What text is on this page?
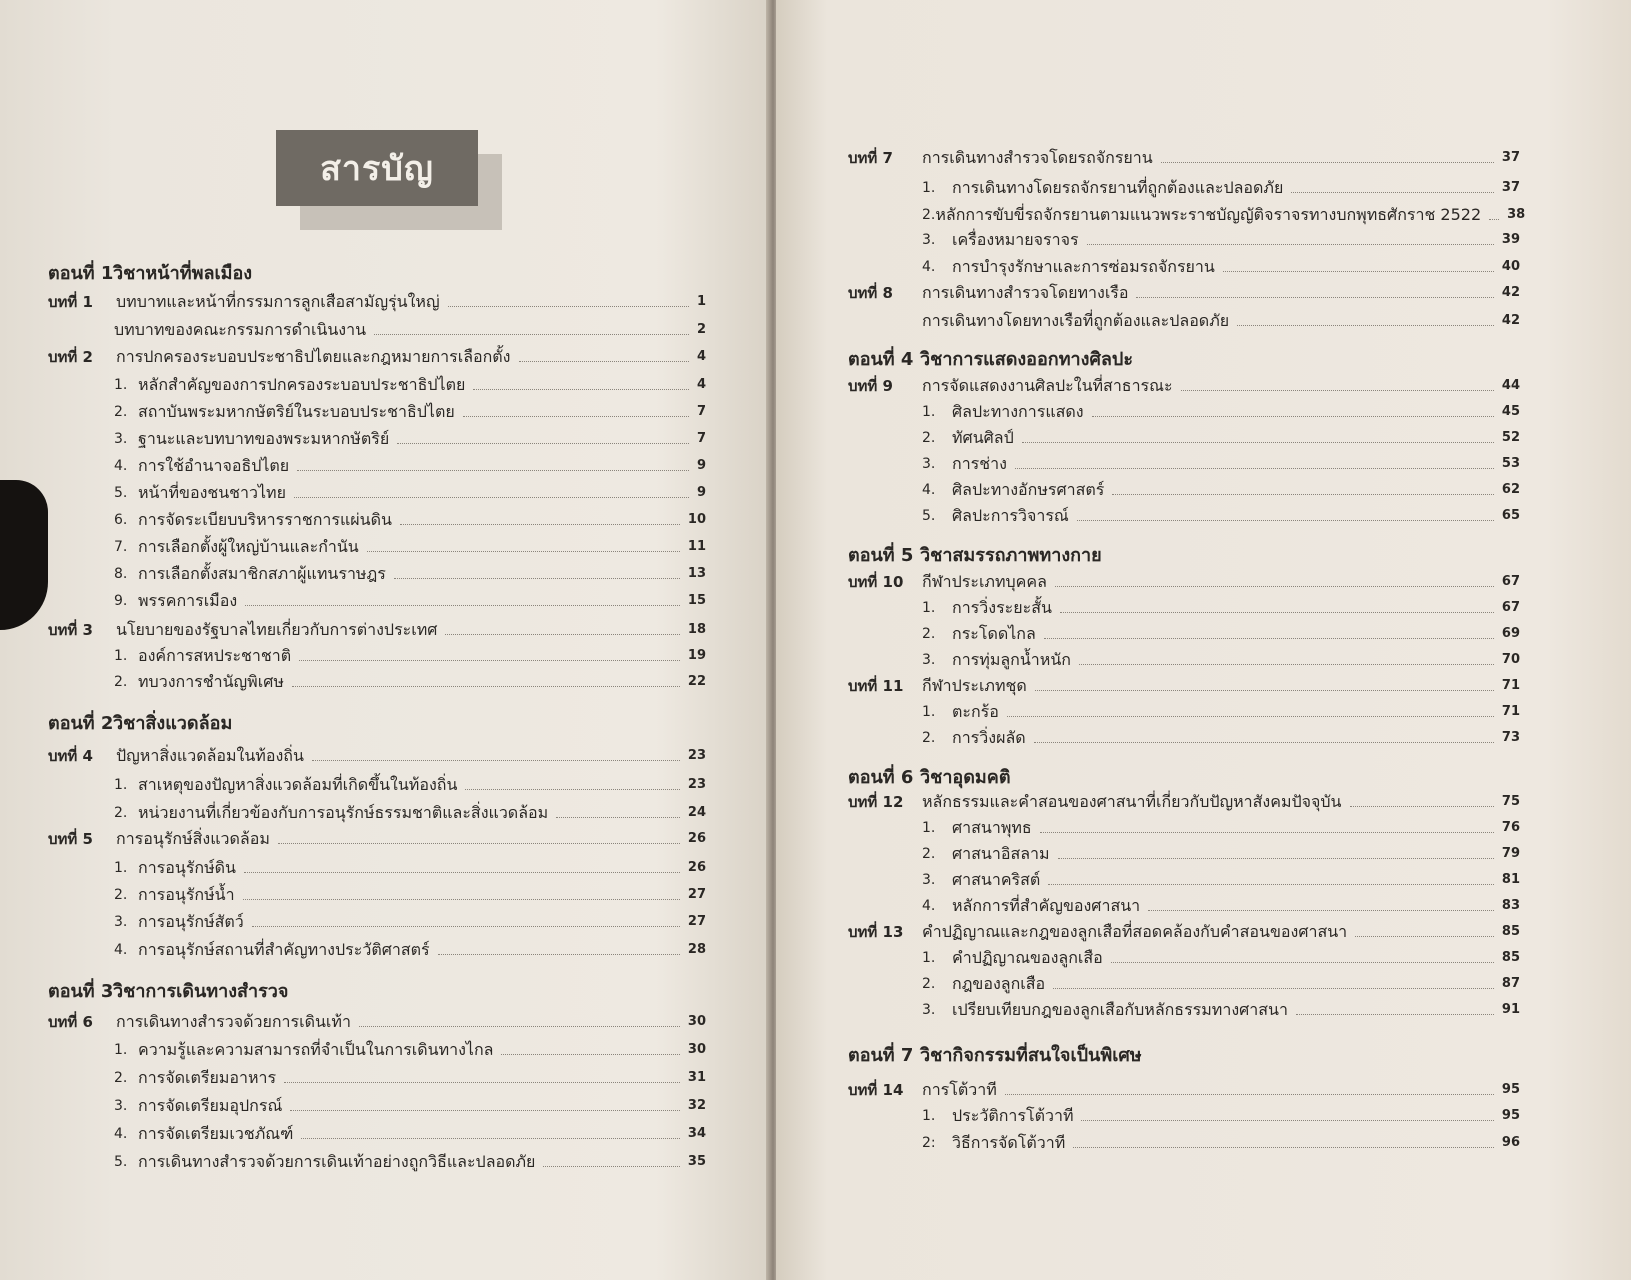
สารบัญ
ตอนที่ 1 วิชาหน้าที่พลเมือง
บทที่ 1	บทบาทและหน้าที่กรรมการลูกเสือสามัญรุ่นใหญ่	1
บทบาทของคณะกรรมการดำเนินงาน	2
บทที่ 2	การปกครองระบอบประชาธิปไตยและกฎหมายการเลือกตั้ง	4
1. หลักสำคัญของการปกครองระบอบประชาธิปไตย	4
2. สถาบันพระมหากษัตริย์ในระบอบประชาธิปไตย	7
3. ฐานะและบทบาทของพระมหากษัตริย์	7
4. การใช้อำนาจอธิปไตย	9
5. หน้าที่ของชนชาวไทย	9
6. การจัดระเบียบบริหารราชการแผ่นดิน	10
7. การเลือกตั้งผู้ใหญ่บ้านและกำนัน	11
8. การเลือกตั้งสมาชิกสภาผู้แทนราษฎร	13
9. พรรคการเมือง	15
บทที่ 3	นโยบายของรัฐบาลไทยเกี่ยวกับการต่างประเทศ	18
1. องค์การสหประชาชาติ	19
2. ทบวงการชำนัญพิเศษ	22
ตอนที่ 2 วิชาสิ่งแวดล้อม
บทที่ 4	ปัญหาสิ่งแวดล้อมในท้องถิ่น	23
1. สาเหตุของปัญหาสิ่งแวดล้อมที่เกิดขึ้นในท้องถิ่น	23
2. หน่วยงานที่เกี่ยวข้องกับการอนุรักษ์ธรรมชาติและสิ่งแวดล้อม	24
บทที่ 5	การอนุรักษ์สิ่งแวดล้อม	26
1. การอนุรักษ์ดิน	26
2. การอนุรักษ์น้ำ	27
3. การอนุรักษ์สัตว์	27
4. การอนุรักษ์สถานที่สำคัญทางประวัติศาสตร์	28
ตอนที่ 3 วิชาการเดินทางสำรวจ
บทที่ 6	การเดินทางสำรวจด้วยการเดินเท้า	30
1. ความรู้และความสามารถที่จำเป็นในการเดินทางไกล	30
2. การจัดเตรียมอาหาร	31
3. การจัดเตรียมอุปกรณ์	32
4. การจัดเตรียมเวชภัณฑ์	34
5. การเดินทางสำรวจด้วยการเดินเท้าอย่างถูกวิธีและปลอดภัย	35
บทที่ 7	การเดินทางสำรวจโดยรถจักรยาน	37
1.	การเดินทางโดยรถจักรยานที่ถูกต้องและปลอดภัย	37
2. หลักการขับขี่รถจักรยานตามแนวพระราชบัญญัติจราจรทางบกพุทธศักราช 2522 38
3.	เครื่องหมายจราจร	39
4.	การบำรุงรักษาและการซ่อมรถจักรยาน	40
บทที่ 8	การเดินทางสำรวจโดยทางเรือ	42
การเดินทางโดยทางเรือที่ถูกต้องและปลอดภัย	42
ตอนที่ 4 วิชาการแสดงออกทางศิลปะ
บทที่ 9	การจัดแสดงงานศิลปะในที่สาธารณะ	44
1.	ศิลปะทางการแสดง	45
2.	ทัศนศิลป์	52
3.	การช่าง	53
4.	ศิลปะทางอักษรศาสตร์	62
5.	ศิลปะการวิจารณ์	65
ตอนที่ 5 วิชาสมรรถภาพทางกาย
บทที่ 10	กีฬาประเภทบุคคล	67
1.	การวิ่งระยะสั้น	67
2.	กระโดดไกล	69
3.	การทุ่มลูกน้ำหนัก	70
บทที่ 11	กีฬาประเภทชุด	71
1.	ตะกร้อ	71
2.	การวิ่งผลัด	73
ตอนที่ 6 วิชาอุดมคติ
บทที่ 12	หลักธรรมและคำสอนของศาสนาที่เกี่ยวกับปัญหาสังคมปัจจุบัน	75
1.	ศาสนาพุทธ	76
2.	ศาสนาอิสลาม	79
3.	ศาสนาคริสต์	81
4.	หลักการที่สำคัญของศาสนา	83
บทที่ 13	คำปฏิญาณและกฎของลูกเสือที่สอดคล้องกับคำสอนของศาสนา	85
1.	คำปฏิญาณของลูกเสือ	85
2.	กฎของลูกเสือ	87
3.	เปรียบเทียบกฎของลูกเสือกับหลักธรรมทางศาสนา	91
ตอนที่ 7 วิชากิจกรรมที่สนใจเป็นพิเศษ
บทที่ 14	การโต้วาที	95
1.	ประวัติการโต้วาที	95
2:	วิธีการจัดโต้วาที	96
